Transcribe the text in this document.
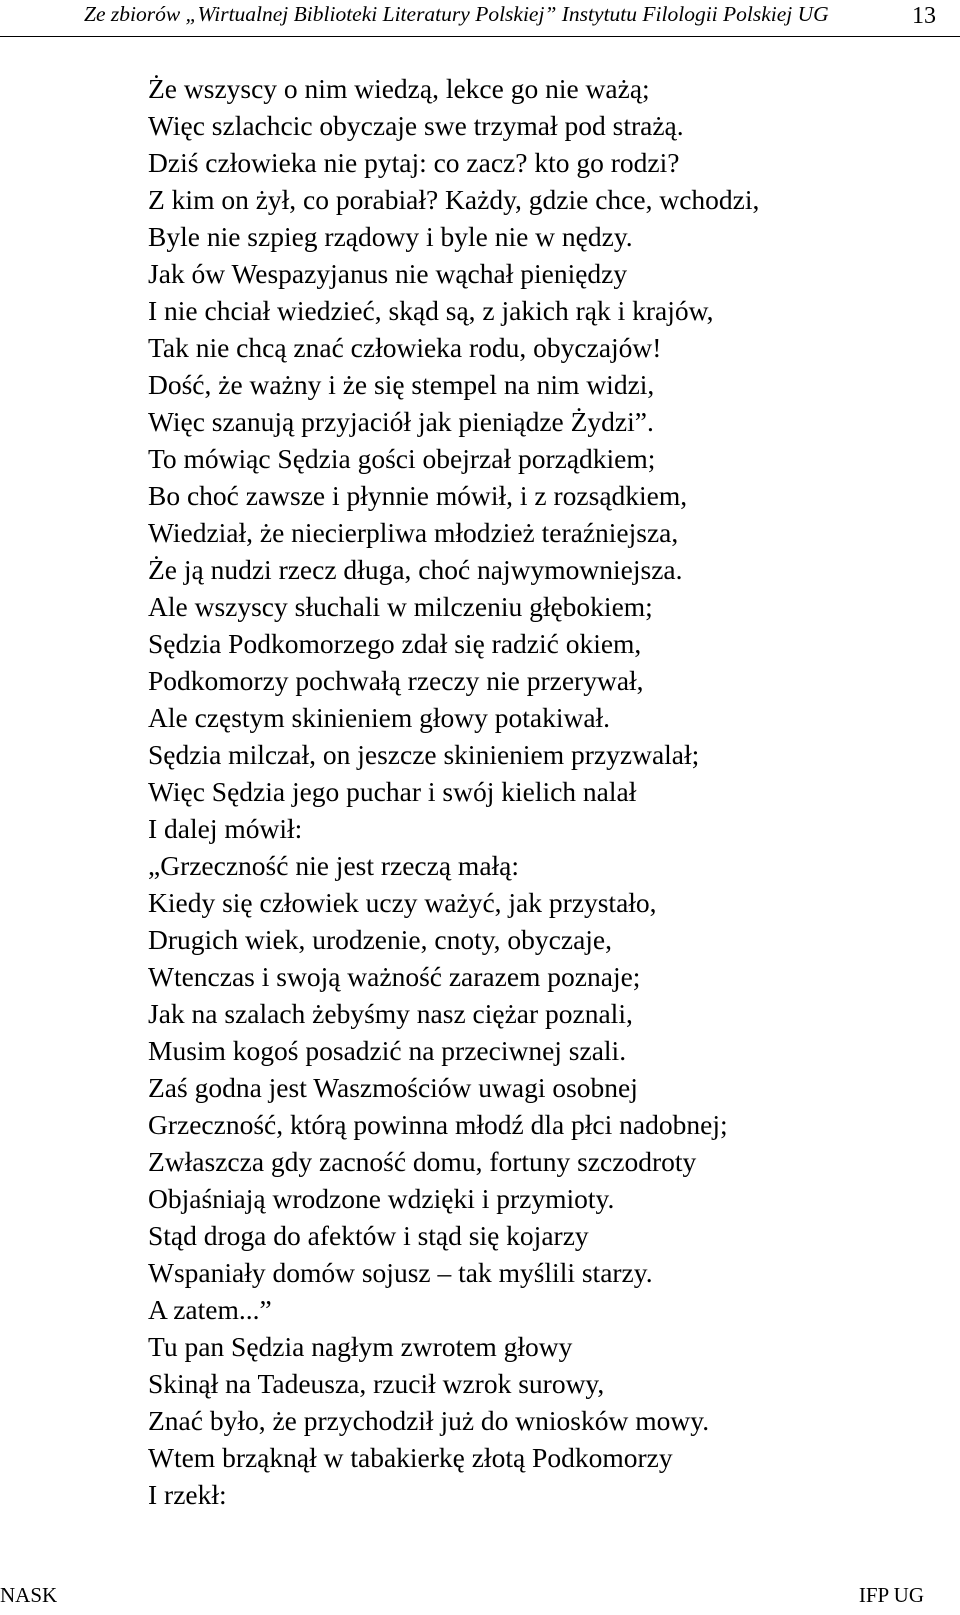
Ze zbiorów „Wirtualnej Biblioteki Literatury Polskiej” Instytutu Filologii Polskiej UG	13
Że wszyscy o nim wiedzą, lekce go nie ważą;
Więc szlachcic obyczaje swe trzymał pod strażą.
Dziś człowieka nie pytaj: co zacz? kto go rodzi?
Z kim on żył, co porabiał? Każdy, gdzie chce, wchodzi,
Byle nie szpieg rządowy i byle nie w nędzy.
Jak ów Wespazyjanus nie wąchał pieniędzy
I nie chciał wiedzieć, skąd są, z jakich rąk i krajów,
Tak nie chcą znać człowieka rodu, obyczajów!
Dość, że ważny i że się stempel na nim widzi,
Więc szanują przyjaciół jak pieniądze Żydzi”.
To mówiąc Sędzia gości obejrzał porządkiem;
Bo choć zawsze i płynnie mówił, i z rozsądkiem,
Wiedział, że niecierpliwa młodzież teraźniejsza,
Że ją nudzi rzecz długa, choć najwymowniejsza.
Ale wszyscy słuchali w milczeniu głębokiem;
Sędzia Podkomorzego zdał się radzić okiem,
Podkomorzy pochwałą rzeczy nie przerywał,
Ale częstym skinieniem głowy potakiwał.
Sędzia milczał, on jeszcze skinieniem przyzwalał;
Więc Sędzia jego puchar i swój kielich nalał
I dalej mówił:
„Grzeczność nie jest rzeczą małą:
Kiedy się człowiek uczy ważyć, jak przystało,
Drugich wiek, urodzenie, cnoty, obyczaje,
Wtenczas i swoją ważność zarazem poznaje;
Jak na szalach żebyśmy nasz ciężar poznali,
Musim kogoś posadzić na przeciwnej szali.
Zaś godna jest Waszmościów uwagi osobnej
Grzeczność, którą powinna młodź dla płci nadobnej;
Zwłaszcza gdy zacność domu, fortuny szczodroty
Objaśniają wrodzone wdzięki i przymioty.
Stąd droga do afektów i stąd się kojarzy
Wspaniały domów sojusz – tak myślili starzy.
A zatem...”
Tu pan Sędzia nagłym zwrotem głowy
Skinął na Tadeusza, rzucił wzrok surowy,
Znać było, że przychodził już do wniosków mowy.
Wtem brząknął w tabakierkę złotą Podkomorzy
I rzekł:
NASK	IFP UG
